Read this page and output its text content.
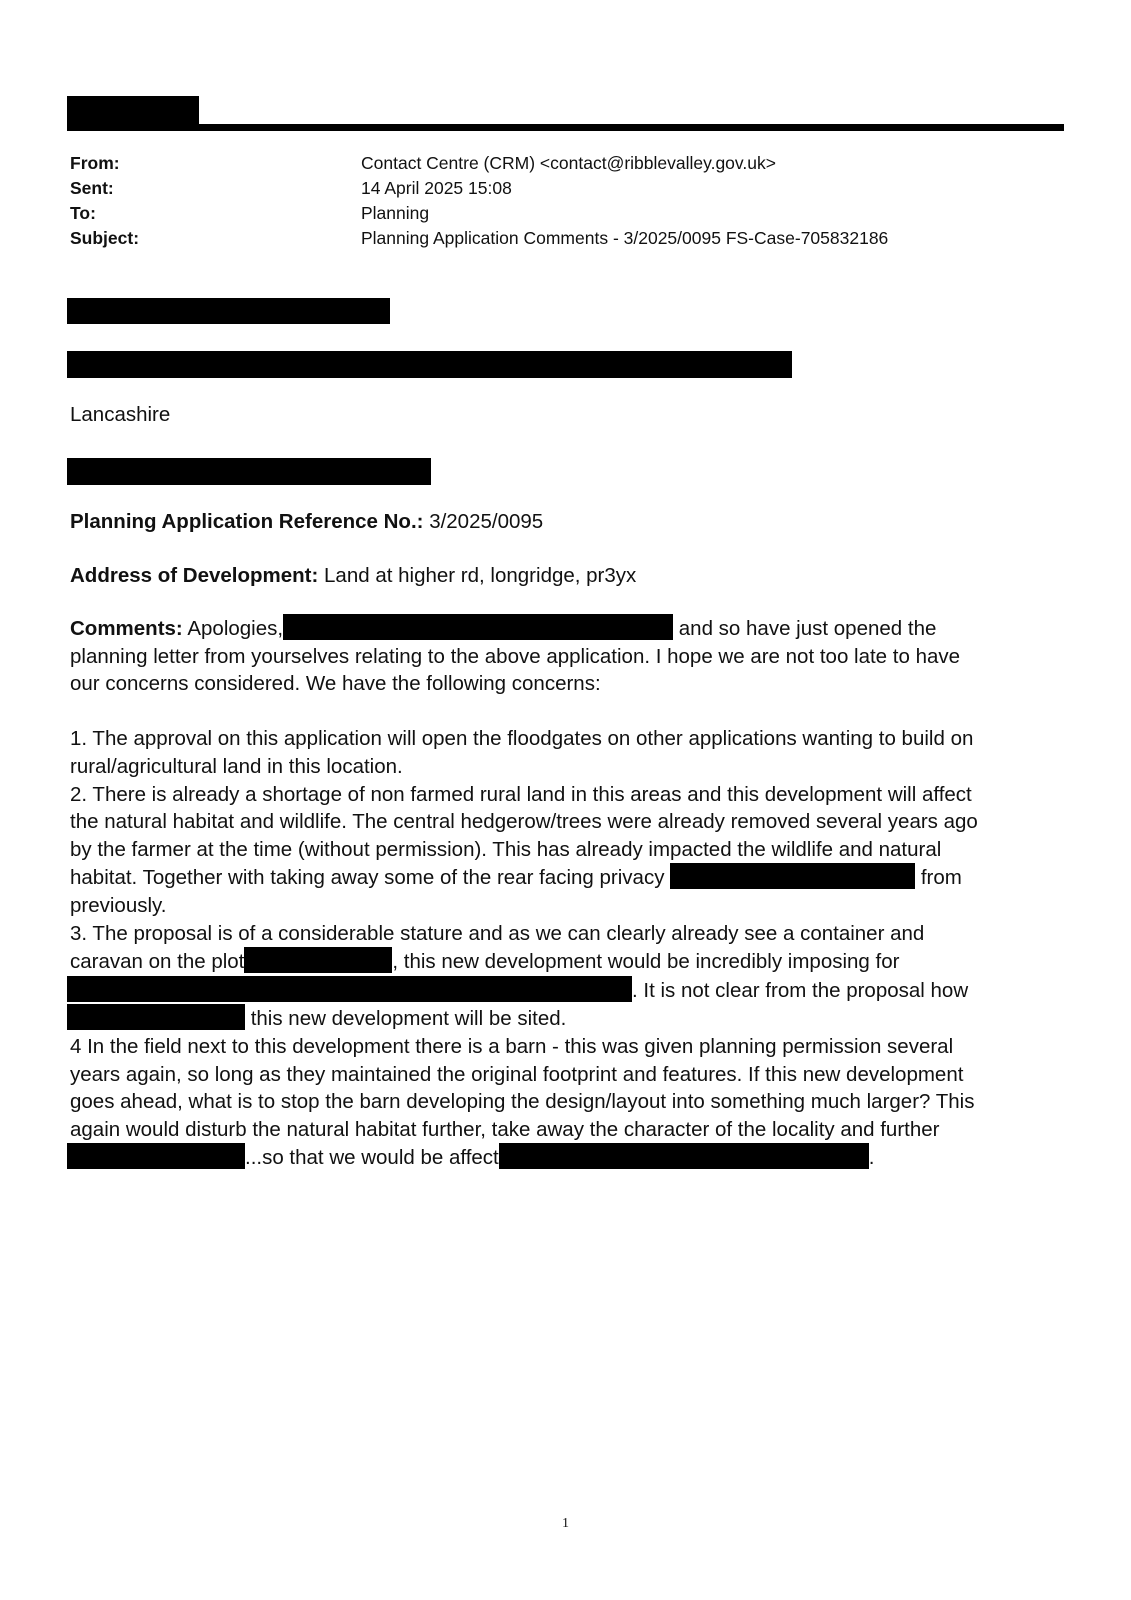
From:	Contact Centre (CRM) <contact@ribblevalley.gov.uk>
Sent:	14 April 2025 15:08
To:	Planning
Subject:	Planning Application Comments - 3/2025/0095 FS-Case-705832186
Lancashire
Planning Application Reference No.: 3/2025/0095
Address of Development: Land at higher rd, longridge, pr3yx
Comments: Apologies,	and so have just opened the
planning letter from yourselves relating to the above application. I hope we are not too late to have
our concerns considered. We have the following concerns:
1. The approval on this application will open the floodgates on other applications wanting to build on
rural/agricultural land in this location.
2. There is already a shortage of non farmed rural land in this areas and this development will affect
the natural habitat and wildlife. The central hedgerow/trees were already removed several years ago
by the farmer at the time (without permission). This has already impacted the wildlife and natural
habitat. Together with taking away some of the rear facing privacy	from
previously.
3. The proposal is of a considerable stature and as we can clearly already see a container and
caravan on the plot	, this new development would be incredibly imposing for
. It is not clear from the proposal how
this new development will be sited.
4 In the field next to this development there is a barn - this was given planning permission several
years again, so long as they maintained the original footprint and features. If this new development
goes ahead, what is to stop the barn developing the design/layout into something much larger? This
again would disturb the natural habitat further, take away the character of the locality and further
...so that we would be affect	.
1
